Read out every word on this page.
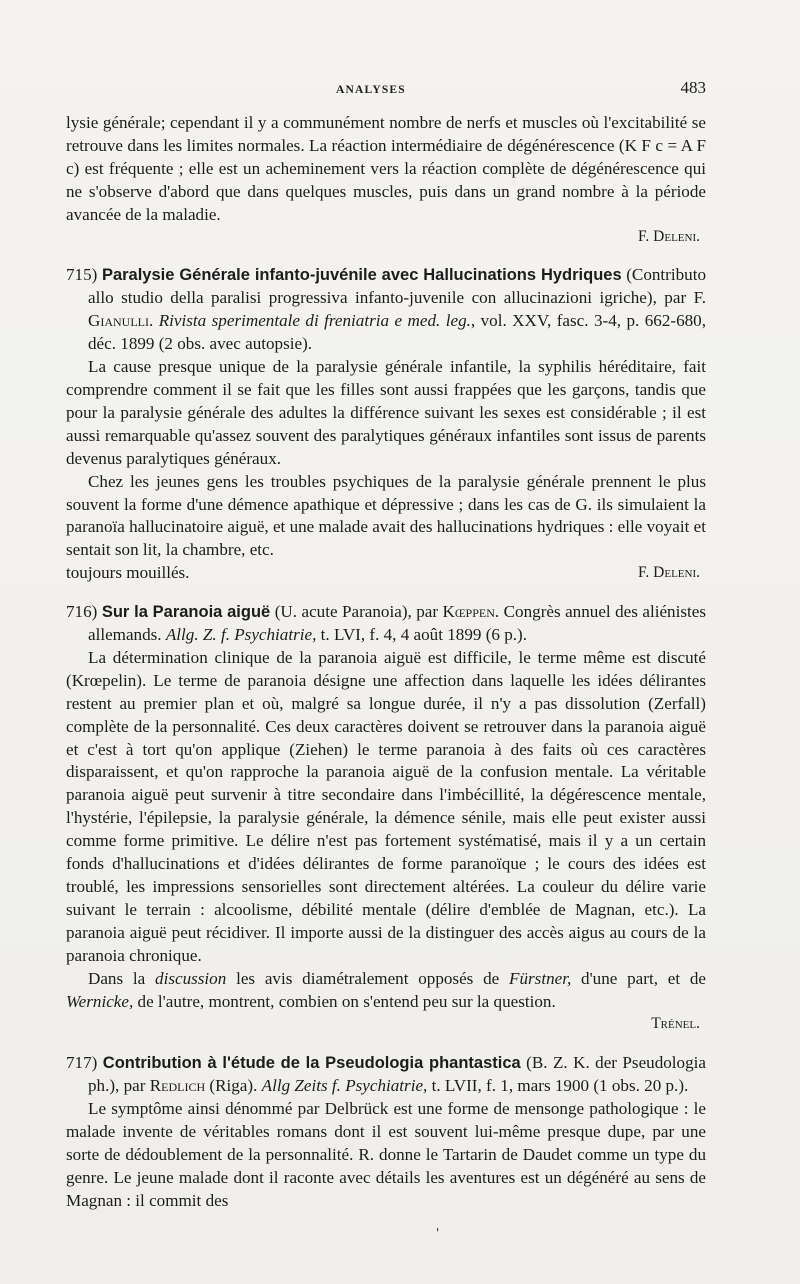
ANALYSES	483

lysie générale; cependant il y a communément nombre de nerfs et muscles où l'excitabilité se retrouve dans les limites normales. La réaction intermédiaire de dégénérescence (K F c = A F c) est fréquente ; elle est un acheminement vers la réaction complète de dégénérescence qui ne s'observe d'abord que dans quelques muscles, puis dans un grand nombre à la période avancée de la maladie.

F. Deleni.

715) Paralysie Générale infanto-juvénile avec Hallucinations Hydriques (Contributo allo studio della paralisi progressiva infanto-juvenile con allucinazioni igriche), par F. Gianulli. Rivista sperimentale di freniatria e med. leg., vol. XXV, fasc. 3-4, p. 662-680, déc. 1899 (2 obs. avec autopsie).

La cause presque unique de la paralysie générale infantile, la syphilis héréditaire, fait comprendre comment il se fait que les filles sont aussi frappées que les garçons, tandis que pour la paralysie générale des adultes la différence suivant les sexes est considérable ; il est aussi remarquable qu'assez souvent des paralytiques généraux infantiles sont issus de parents devenus paralytiques généraux.

Chez les jeunes gens les troubles psychiques de la paralysie générale prennent le plus souvent la forme d'une démence apathique et dépressive ; dans les cas de G. ils simulaient la paranoïa hallucinatoire aiguë, et une malade avait des hallucinations hydriques : elle voyait et sentait son lit, la chambre, etc.

toujours mouillés.	F. Deleni.

716) Sur la Paranoia aiguë (U. acute Paranoia), par Kœppen. Congrès annuel des aliénistes allemands. Allg. Z. f. Psychiatrie, t. LVI, f. 4, 4 août 1899 (6 p.).

La détermination clinique de la paranoia aiguë est difficile, le terme même est discuté (Krœpelin). Le terme de paranoia désigne une affection dans laquelle les idées délirantes restent au premier plan et où, malgré sa longue durée, il n'y a pas dissolution (Zerfall) complète de la personnalité. Ces deux caractères doivent se retrouver dans la paranoia aiguë et c'est à tort qu'on applique (Ziehen) le terme paranoia à des faits où ces caractères disparaissent, et qu'on rapproche la paranoia aiguë de la confusion mentale. La véritable paranoia aiguë peut survenir à titre secondaire dans l'imbécillité, la dégérescence mentale, l'hystérie, l'épilepsie, la paralysie générale, la démence sénile, mais elle peut exister aussi comme forme primitive. Le délire n'est pas fortement systématisé, mais il y a un certain fonds d'hallucinations et d'idées délirantes de forme paranoïque ; le cours des idées est troublé, les impressions sensorielles sont directement altérées. La couleur du délire varie suivant le terrain : alcoolisme, débilité mentale (délire d'emblée de Magnan, etc.). La paranoia aiguë peut récidiver. Il importe aussi de la distinguer des accès aigus au cours de la paranoia chronique.

Dans la discussion les avis diamétralement opposés de Fürstner, d'une part, et de Wernicke, de l'autre, montrent, combien on s'entend peu sur la question.

Trénel.

717) Contribution à l'étude de la Pseudologia phantastica (B. Z. K. der Pseudologia ph.), par Redlich (Riga). Allg Zeits f. Psychiatrie, t. LVII, f. 1, mars 1900 (1 obs. 20 p.).

Le symptôme ainsi dénommé par Delbrück est une forme de mensonge pathologique : le malade invente de véritables romans dont il est souvent lui-même presque dupe, par une sorte de dédoublement de la personnalité. R. donne le Tartarin de Daudet comme un type du genre. Le jeune malade dont il raconte avec détails les aventures est un dégénéré au sens de Magnan : il commit des

'
